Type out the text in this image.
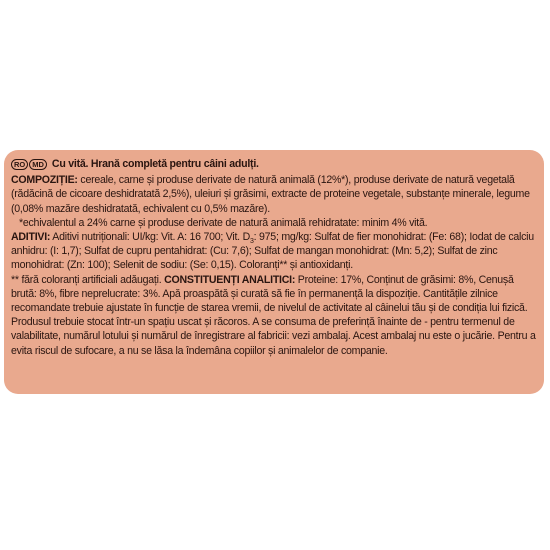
RO MD Cu vită. Hrană completă pentru câini adulți.

COMPOZIȚIE: cereale, carne și produse derivate de natură animală (12%*), produse derivate de natură vegetală (rădăcină de cicoare deshidratată 2,5%), uleiuri și grăsimi, extracte de proteine vegetale, substanțe minerale, legume (0,08% mazăre deshidratată, echivalent cu 0,5% mazăre).

*echivalentul a 24% carne și produse derivate de natură animală rehidratate: minim 4% vită.

ADITIVI: Aditivi nutriționali: UI/kg: Vit. A: 16 700; Vit. $D_3$: 975; mg/kg: Sulfat de fier monohidrat: (Fe: 68); Iodat de calciu anhidru: (I: 1,7); Sulfat de cupru pentahidrat: (Cu: 7,6); Sulfat de mangan monohidrat: (Mn: 5,2); Sulfat de zinc monohidrat: (Zn: 100); Selenit de sodiu: (Se: 0,15). Coloranți** și antioxidanți.

** fără coloranți artificiali adăugați. CONSTITUENȚI ANALITICI: Proteine: 17%, Conținut de grăsimi: 8%, Cenușă brută: 8%, fibre neprelucrate: 3%. Apă proaspătă și curată să fie în permanență la dispoziție. Cantitățile zilnice recomandate trebuie ajustate în funcție de starea vremii, de nivelul de activitate al câinelui tău și de condiția lui fizică. Produsul trebuie stocat într-un spațiu uscat și răcoros. A se consuma de preferință înainte de - pentru termenul de valabilitate, numărul lotului și numărul de înregistrare al fabricii: vezi ambalaj. Acest ambalaj nu este o jucărie. Pentru a evita riscul de sufocare, a nu se lăsa la îndemâna copiilor și animalelor de companie.
